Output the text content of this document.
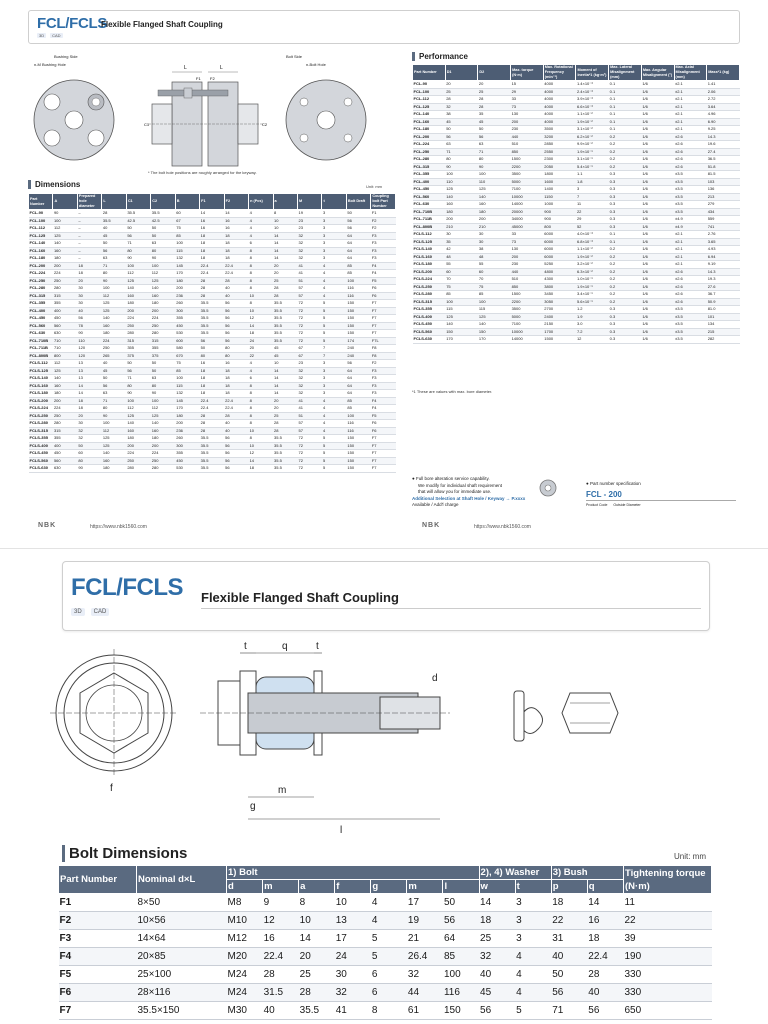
FCL/FCLS
Flexible Flanged Shaft Coupling
3D	CAD
Bushing Side
n-M Bushing Hole
Bolt Side
n-Bolt Hole
L	L
F1 F2
C1	C2
* The bolt hole positions are roughly arranged for the keyway.
Dimensions	Unit: mm
Part Number	A	Prepared hole diameter	L	C1	C2	B	F1	F2	n (Pcs)	a	M	t	Bolt Draft	Coupling bolt Part Number
FCL-90	90	–	28	35.5	35.5	60	14	14	4	8	19	3	50	F1
FCL-100	100	–	35.5	42.5	42.5	67	16	16	4	10	23	3	56	F2
FCL-112	112	–	40	50	50	75	16	16	4	10	23	3	56	F2
FCL-125	125	–	45	56	50	85	18	18	4	14	32	3	64	F3
FCL-140	140	–	50	71	63	100	18	18	6	14	32	3	64	F3
FCL-160	160	–	56	80	80	115	18	18	8	14	32	3	64	F3
FCL-180	180	–	63	90	90	132	18	18	8	14	32	3	64	F3
FCL-200	200	18	71	100	100	145	22.4	22.4	8	20	41	4	85	F4
FCL-224	224	18	80	112	112	170	22.4	22.4	8	20	41	4	85	F4
FCL-250	250	20	90	125	125	180	28	28	8	25	51	4	100	F5
FCL-280	280	30	100	140	140	200	28	40	8	28	57	4	116	F6
FCL-315	315	30	112	160	160	236	28	40	10	28	57	4	116	F6
FCL-355	355	30	125	180	180	260	35.5	56	8	35.5	72	5	150	F7
FCL-400	400	40	125	200	200	300	35.5	56	10	35.5	72	5	150	F7
FCL-450	450	56	140	224	224	355	35.5	56	12	35.5	72	5	150	F7
FCL-560	560	78	160	250	250	450	35.5	56	14	35.5	72	5	150	F7
FCL-630	630	90	180	280	280	530	35.5	56	18	35.5	72	5	150	F7
FCL-710B	710	110	224	315	315	600	56	56	24	35.5	72	5	174	F7L
FCL-711B	710	120	250	355	355	580	50	80	20	45	67	7	240	F8
FCL-800B	800	120	265	375	375	670	80	80	22	45	67	7	240	F8
FCLS-112	112	13	40	50	50	75	16	16	4	10	23	3	56	F2
FCLS-125	125	13	45	56	50	85	18	18	4	14	32	3	64	F3
FCLS-140	140	13	50	71	63	100	18	18	6	14	32	3	64	F3
FCLS-160	160	14	56	80	80	115	18	18	8	14	32	3	64	F3
FCLS-180	180	14	63	90	90	132	18	18	8	14	32	3	64	F3
FCLS-200	200	18	71	100	100	145	22.4	22.4	8	20	41	4	85	F4
FCLS-224	224	18	80	112	112	170	22.4	22.4	8	20	41	4	85	F4
FCLS-250	250	20	90	125	125	180	28	28	8	25	51	4	100	F5
FCLS-280	280	30	100	140	140	200	28	40	8	28	57	4	116	F6
FCLS-315	315	32	112	160	160	236	28	40	10	28	57	4	116	F6
FCLS-355	355	32	125	180	180	260	35.5	56	8	35.5	72	5	150	F7
FCLS-400	400	50	125	200	200	300	35.5	56	10	35.5	72	5	150	F7
FCLS-450	450	60	140	224	224	355	35.5	56	12	35.5	72	5	150	F7
FCLS-560	560	80	160	250	250	450	35.5	56	14	35.5	72	5	150	F7
FCLS-630	630	90	180	280	280	530	35.5	56	18	35.5	72	5	150	F7
Performance
Part Number	D1	D2	Max. torque (N·m)	Max. Rotational Frequency (min⁻¹)	Moment of Inertia*1 (kg·m²)	Max. Lateral Misalignment (mm)	Max. Angular Misalignment (°)	Max. Axial Misalignment (mm)	Mass*1 (kg)
FCL-90	20	20	15	4000	1.4×10⁻³	0.1	1/6	±2.1	1.41
FCL-100	25	25	29	4000	2.4×10⁻³	0.1	1/6	±2.1	2.06
FCL-112	28	28	33	4000	3.9×10⁻³	0.1	1/6	±2.1	2.72
FCL-125	32	28	73	4000	6.6×10⁻³	0.1	1/6	±2.1	3.64
FCL-140	38	35	130	4000	1.1×10⁻²	0.1	1/6	±2.1	4.96
FCL-160	45	45	200	4000	1.9×10⁻²	0.1	1/6	±2.1	6.90
FCL-180	50	50	230	3500	3.1×10⁻²	0.1	1/6	±2.1	9.25
FCL-200	56	56	440	3200	6.2×10⁻²	0.2	1/6	±2.6	14.3
FCL-224	63	63	510	2850	9.9×10⁻²	0.2	1/6	±2.6	19.6
FCL-250	71	71	850	2550	1.9×10⁻¹	0.2	1/6	±2.6	27.4
FCL-280	80	80	1500	2300	3.1×10⁻¹	0.2	1/6	±2.6	36.5
FCL-315	90	90	2200	2050	5.4×10⁻¹	0.2	1/6	±2.6	51.8
FCL-355	100	100	3500	1800	1.1	0.3	1/6	±3.5	81.5
FCL-400	110	110	5000	1600	1.8	0.3	1/6	±3.5	103
FCL-450	125	125	7100	1400	3	0.3	1/6	±3.5	136
FCL-560	140	140	10000	1150	7	0.3	1/6	±3.5	213
FCL-630	160	160	14000	1000	11	0.3	1/6	±3.5	279
FCL-710B	180	180	20000	900	22	0.3	1/6	±3.5	434
FCL-711B	200	200	34000	900	29	0.3	1/6	±4.9	559
FCL-800B	210	210	45000	800	52	0.3	1/6	±4.9	741
FCLS-112	30	30	33	6000	4.0×10⁻³	0.1	1/6	±2.1	2.76
FCLS-125	35	30	73	6000	6.8×10⁻³	0.1	1/6	±2.1	3.65
FCLS-140	42	38	130	6000	1.1×10⁻²	0.2	1/6	±2.1	4.93
FCLS-160	48	48	200	6000	1.9×10⁻²	0.2	1/6	±2.1	6.94
FCLS-180	55	55	230	5250	3.2×10⁻²	0.2	1/6	±2.1	9.19
FCLS-200	60	60	440	4800	6.3×10⁻²	0.2	1/6	±2.6	14.3
FCLS-224	70	70	510	4300	1.0×10⁻¹	0.2	1/6	±2.6	19.3
FCLS-250	75	75	850	3800	1.9×10⁻¹	0.2	1/6	±2.6	27.6
FCLS-280	85	85	1500	3450	3.4×10⁻¹	0.2	1/6	±2.6	36.7
FCLS-315	100	100	2200	3050	5.6×10⁻¹	0.2	1/6	±2.6	50.9
FCLS-355	115	115	3500	2700	1.2	0.3	1/6	±3.5	81.0
FCLS-400	125	125	5000	2400	1.9	0.3	1/6	±3.5	101
FCLS-450	140	140	7100	2150	3.0	0.3	1/6	±3.5	134
FCLS-560	150	150	10000	1700	7.2	0.3	1/6	±3.5	215
FCLS-630	170	170	14000	1500	12	0.3	1/6	±3.5	282
*1 These are values with max. bore diameter.
● Full bore alteration service capability.
We modify for individual shaft requirement
that will allow you for immediate use.
Additional Selection at Shaft Hole / Keyway → P.xxxx
Available / Add'l charge
● Part number specification
FCL - 200
Product Code Outside Diameter
NBK	https://www.nbk1560.com	NBK	https://www.nbk1560.com
FCL/FCLS Flexible Flanged Shaft Coupling
3D	CAD
t	q	t
d
m
l
f
g
Bolt Dimensions	Unit: mm
Part Number	Nominal d×L	1) Bolt							2), 4) Washer		3) Bush		Tightening torque (N·m)
		d	m	a	f	g	m	l	w	t	p	q	
F1	8×50	M8	9	8	10	4	17	50	14	3	18	14	11
F2	10×56	M10	12	10	13	4	19	56	18	3	22	16	22
F3	14×64	M12	16	14	17	5	21	64	25	3	31	18	39
F4	20×85	M20	22.4	20	24	5	26.4	85	32	4	40	22.4	190
F5	25×100	M24	28	25	30	6	32	100	40	4	50	28	330
F6	28×116	M24	31.5	28	32	6	44	116	45	4	56	40	330
F7	35.5×150	M30	40	35.5	41	8	61	150	56	5	71	56	650
